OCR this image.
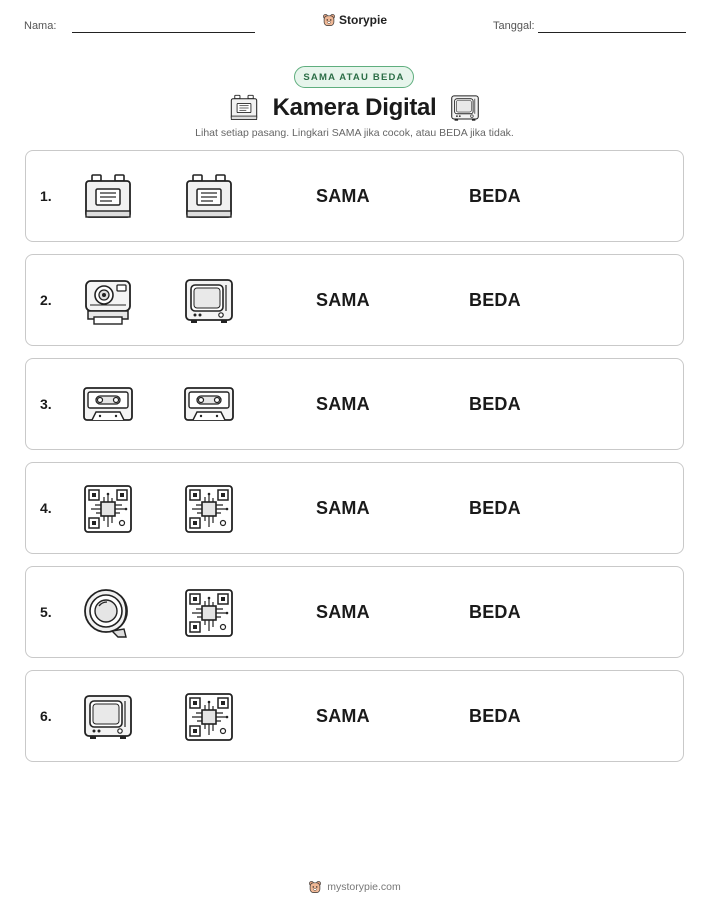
Nama:	Storypie	Tanggal:
SAMA ATAU BEDA
Kamera Digital
Lihat setiap pasang. Lingkari SAMA jika cocok, atau BEDA jika tidak.
1.	SAMA	BEDA
2.	SAMA	BEDA
3.	SAMA	BEDA
4.	SAMA	BEDA
5.	SAMA	BEDA
6.	SAMA	BEDA
mystorypie.com
